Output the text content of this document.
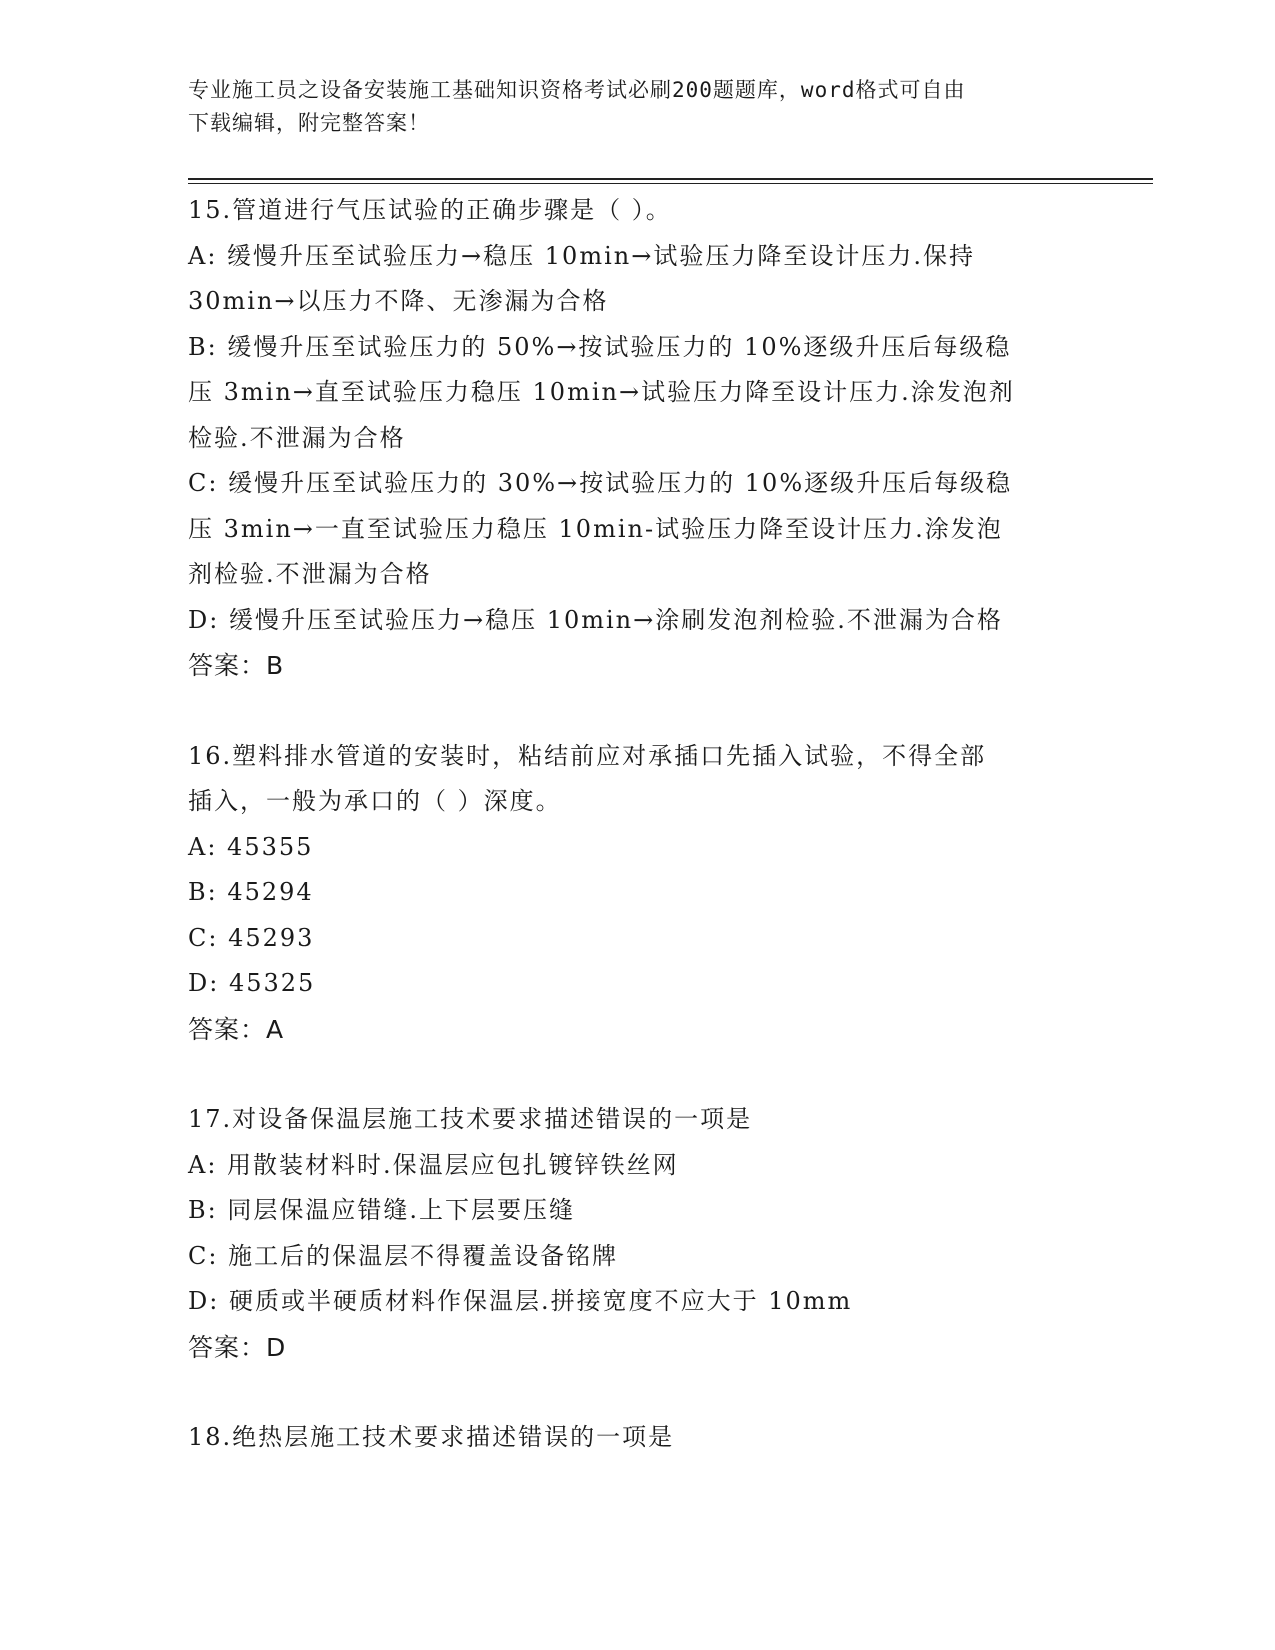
专业施工员之设备安装施工基础知识资格考试必刷200题题库，word格式可自由
下载编辑，附完整答案！
15.管道进行气压试验的正确步骤是（ ）。
A: 缓慢升压至试验压力→稳压 10min→试验压力降至设计压力.保持
30min→以压力不降、无渗漏为合格
B: 缓慢升压至试验压力的 50%→按试验压力的 10%逐级升压后每级稳
压 3min→直至试验压力稳压 10min→试验压力降至设计压力.涂发泡剂
检验.不泄漏为合格
C: 缓慢升压至试验压力的 30%→按试验压力的 10%逐级升压后每级稳
压 3min→一直至试验压力稳压 10min-试验压力降至设计压力.涂发泡
剂检验.不泄漏为合格
D: 缓慢升压至试验压力→稳压 10min→涂刷发泡剂检验.不泄漏为合格
答案：B
16.塑料排水管道的安装时，粘结前应对承插口先插入试验，不得全部
插入，一般为承口的（ ）深度。
A: 45355
B: 45294
C: 45293
D: 45325
答案：A
17.对设备保温层施工技术要求描述错误的一项是
A: 用散装材料时.保温层应包扎镀锌铁丝网
B: 同层保温应错缝.上下层要压缝
C: 施工后的保温层不得覆盖设备铭牌
D: 硬质或半硬质材料作保温层.拼接宽度不应大于 10mm
答案：D
18.绝热层施工技术要求描述错误的一项是
